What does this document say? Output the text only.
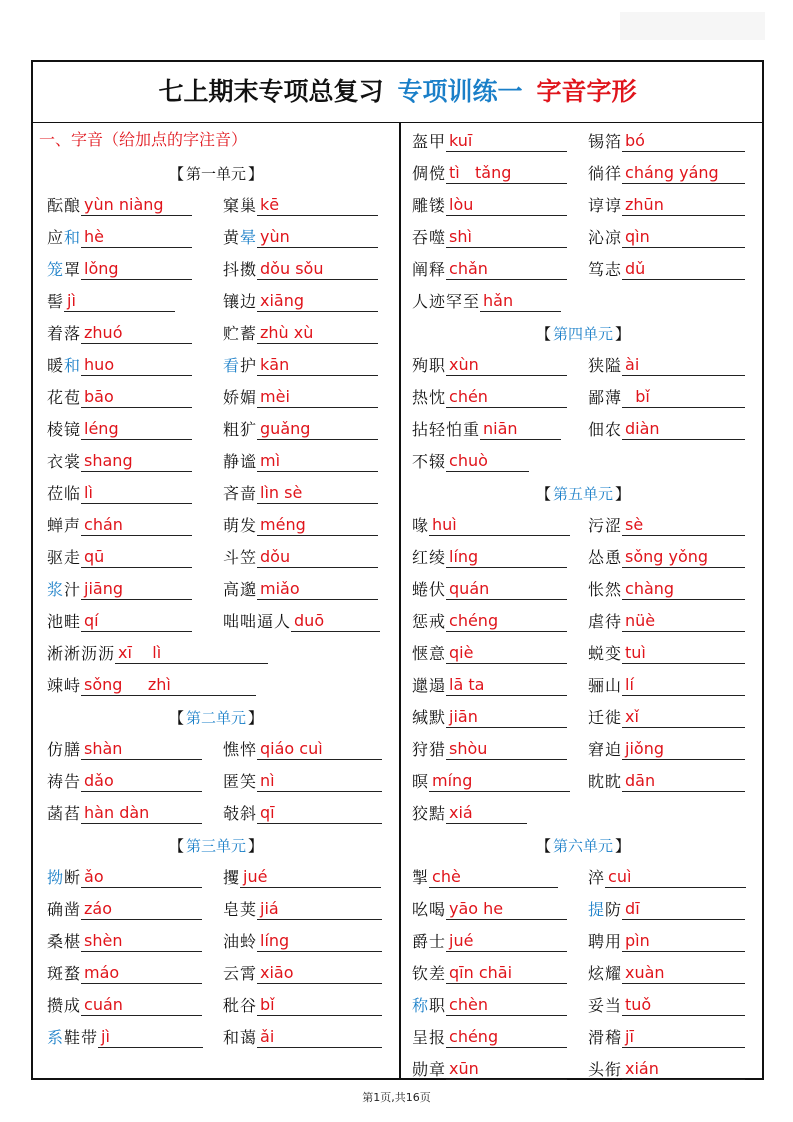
七上期末专项总复习 专项训练一 字音字形
一、字音（给加点的字注音）
【 第一单元 】
酝酿 yùn niàng	窠巢 kē
应和 hè	黄晕 yùn
笼罩 lǒng	抖擞 dǒu sǒu
髻 jì	镶边 xiāng
着落 zhuó	贮蓄 zhù xù
暖和 huo	看护 kān
花苞 bāo	娇媚 mèi
棱镜 léng	粗犷 guǎng
衣裳 shang	静谧 mì
莅临 lì	吝啬 lìn sè
蝉声 chán	萌发 méng
驱走 qū	斗笠 dǒu
浆汁 jiāng	高邈 miǎo
池畦 qí	咄咄逼人 duō
淅淅沥沥 xī    lì
竦峙 sǒng     zhì
【 第二单元 】
仿膳 shàn	憔悴 qiáo cuì
祷告 dǎo	匿笑 nì
菡萏 hàn dàn	攲斜 qī
【 第三单元 】
拗断 ǎo	攫 jué
确凿 záo	皂荚 jiá
桑椹 shèn	油蛉 líng
斑蝥 máo	云霄 xiāo
攒成 cuán	秕谷 bǐ
系鞋带 jì	和蔼 ǎi
盔甲 kuī	锡箔 bó
倜傥 tì   tǎng	徜徉 cháng yáng
雕镂 lòu	谆谆 zhūn
吞噬 shì	沁凉 qìn
阐释 chǎn	笃志 dǔ
人迹罕至 hǎn
【 第四单元 】
殉职 xùn	狭隘 ài
热忱 chén	鄙薄  bǐ
拈轻怕重 niān	佃农 diàn
不辍 chuò
【 第五单元 】
喙 huì	污涩 sè
红绫 líng	怂恿 sǒng yǒng
蜷伏 quán	怅然 chàng
惩戒 chéng	虐待 nüè
惬意 qiè	蜕变 tuì
邋遢 lā ta	骊山 lí
缄默 jiān	迁徙 xǐ
狩猎 shòu	窘迫 jiǒng
暝 míng	眈眈 dān
狡黠 xiá
【 第六单元 】
掣 chè	淬 cuì
吆喝 yāo he	提防 dī
爵士 jué	聘用 pìn
钦差 qīn chāi	炫耀 xuàn
称职 chèn	妥当 tuǒ
呈报 chéng	滑稽 jī
勋章 xūn	头衔 xián
第1页,共16页
